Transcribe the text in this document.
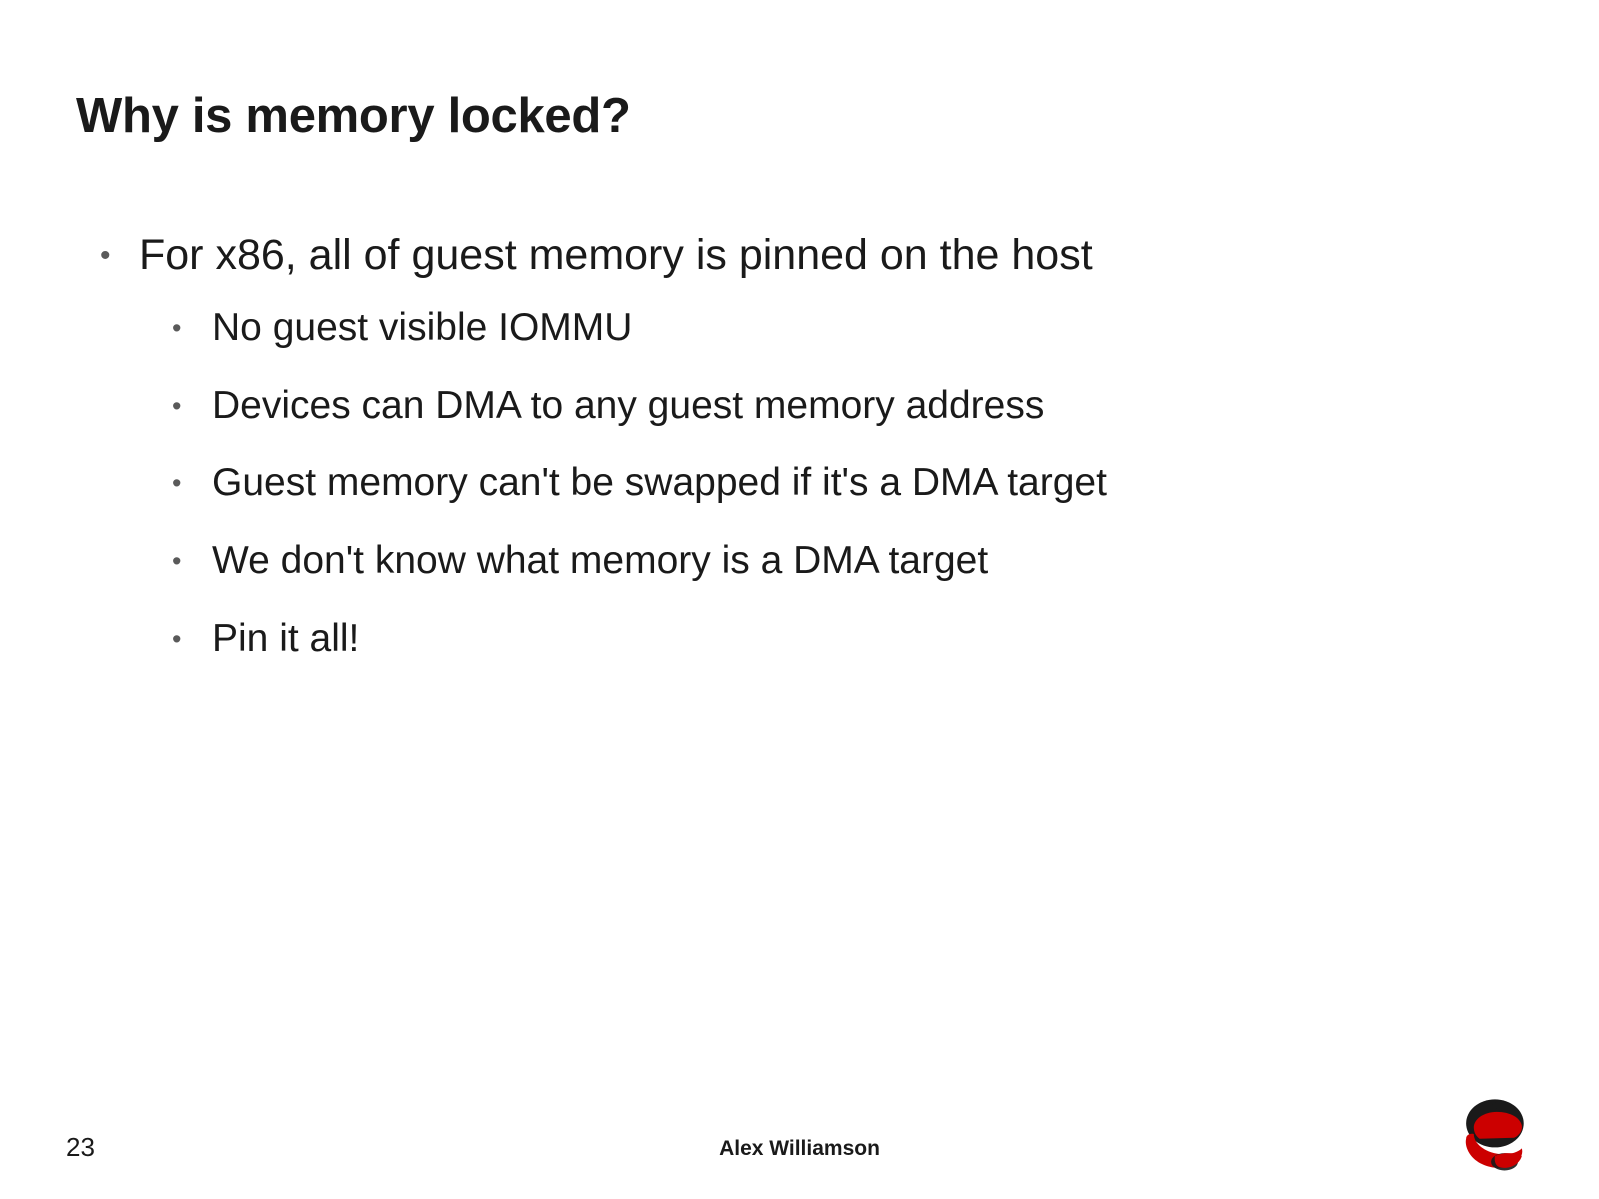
Why is memory locked?
• For x86, all of guest memory is pinned on the host
• No guest visible IOMMU
• Devices can DMA to any guest memory address
• Guest memory can't be swapped if it's a DMA target
• We don't know what memory is a DMA target
• Pin it all!
23	Alex Williamson
